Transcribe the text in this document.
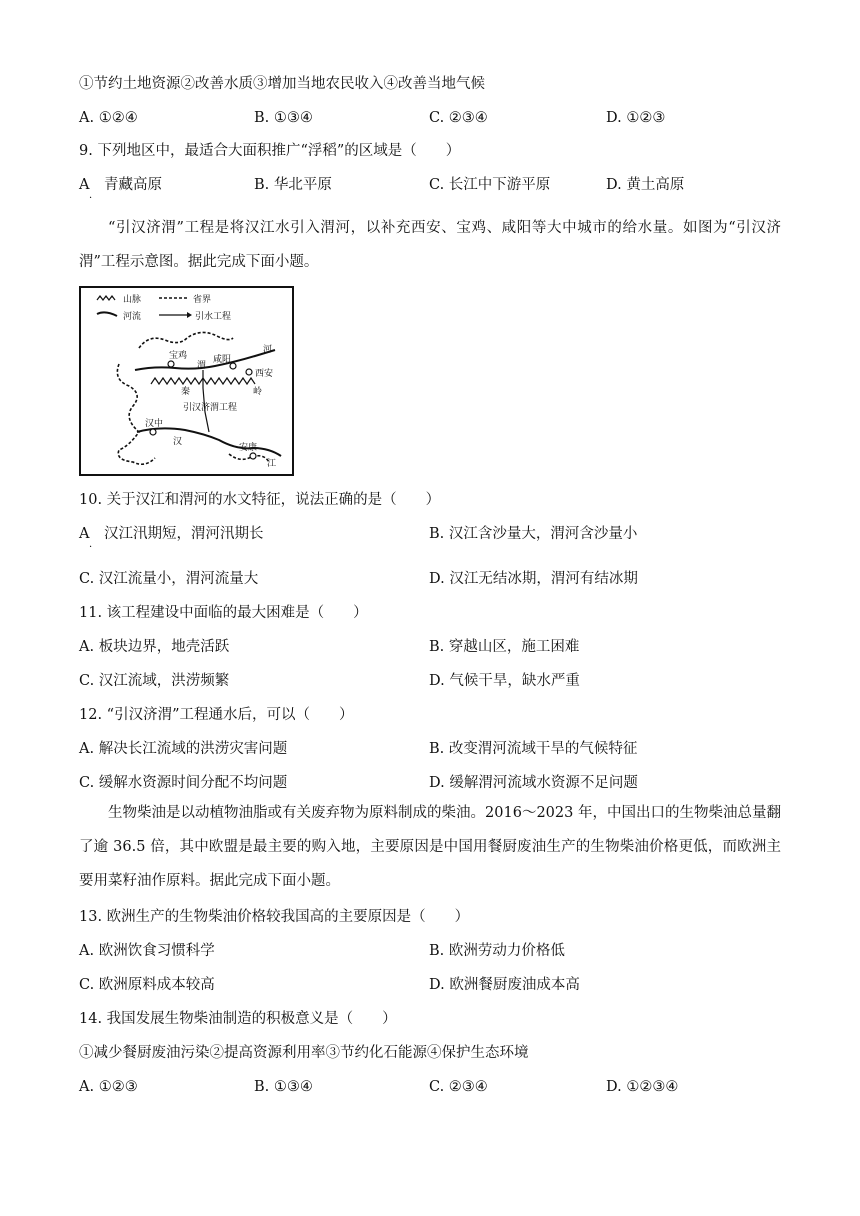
①节约土地资源②改善水质③增加当地农民收入④改善当地气候
A. ①②④	B. ①③④	C. ②③④	D. ①②③
9. 下列地区中，最适合大面积推广“浮稻”的区域是（　　）
A　青藏高原
·
B. 华北平原	C. 长江中下游平原	D. 黄土高原
“引汉济渭”工程是将汉江水引入渭河，以补充西安、宝鸡、咸阳等大中城市的给水量。如图为“引汉济渭”工程示意图。据此完成下面小题。
山脉	省界
河流	引水工程
宝鸡
渭
咸阳
河
西安
秦	岭
引汉济渭工程
汉中
汉
安康
江
10. 关于汉江和渭河的水文特征，说法正确的是（　　）
A　汉江汛期短，渭河汛期长
·
B. 汉江含沙量大，渭河含沙量小
C. 汉江流量小，渭河流量大	D. 汉江无结冰期，渭河有结冰期
11. 该工程建设中面临的最大困难是（　　）
A. 板块边界，地壳活跃	B. 穿越山区，施工困难
C. 汉江流域，洪涝频繁	D. 气候干旱，缺水严重
12. “引汉济渭”工程通水后，可以（　　）
A. 解决长江流域的洪涝灾害问题	B. 改变渭河流域干旱的气候特征
C. 缓解水资源时间分配不均问题	D. 缓解渭河流域水资源不足问题
生物柴油是以动植物油脂或有关废弃物为原料制成的柴油。2016～2023 年，中国出口的生物柴油总量翻了逾 36.5 倍，其中欧盟是最主要的购入地，主要原因是中国用餐厨废油生产的生物柴油价格更低，而欧洲主要用菜籽油作原料。据此完成下面小题。
13. 欧洲生产的生物柴油价格较我国高的主要原因是（　　）
A. 欧洲饮食习惯科学	B. 欧洲劳动力价格低
C. 欧洲原料成本较高	D. 欧洲餐厨废油成本高
14. 我国发展生物柴油制造的积极意义是（　　）
①减少餐厨废油污染②提高资源利用率③节约化石能源④保护生态环境
A. ①②③	B. ①③④	C. ②③④	D. ①②③④
